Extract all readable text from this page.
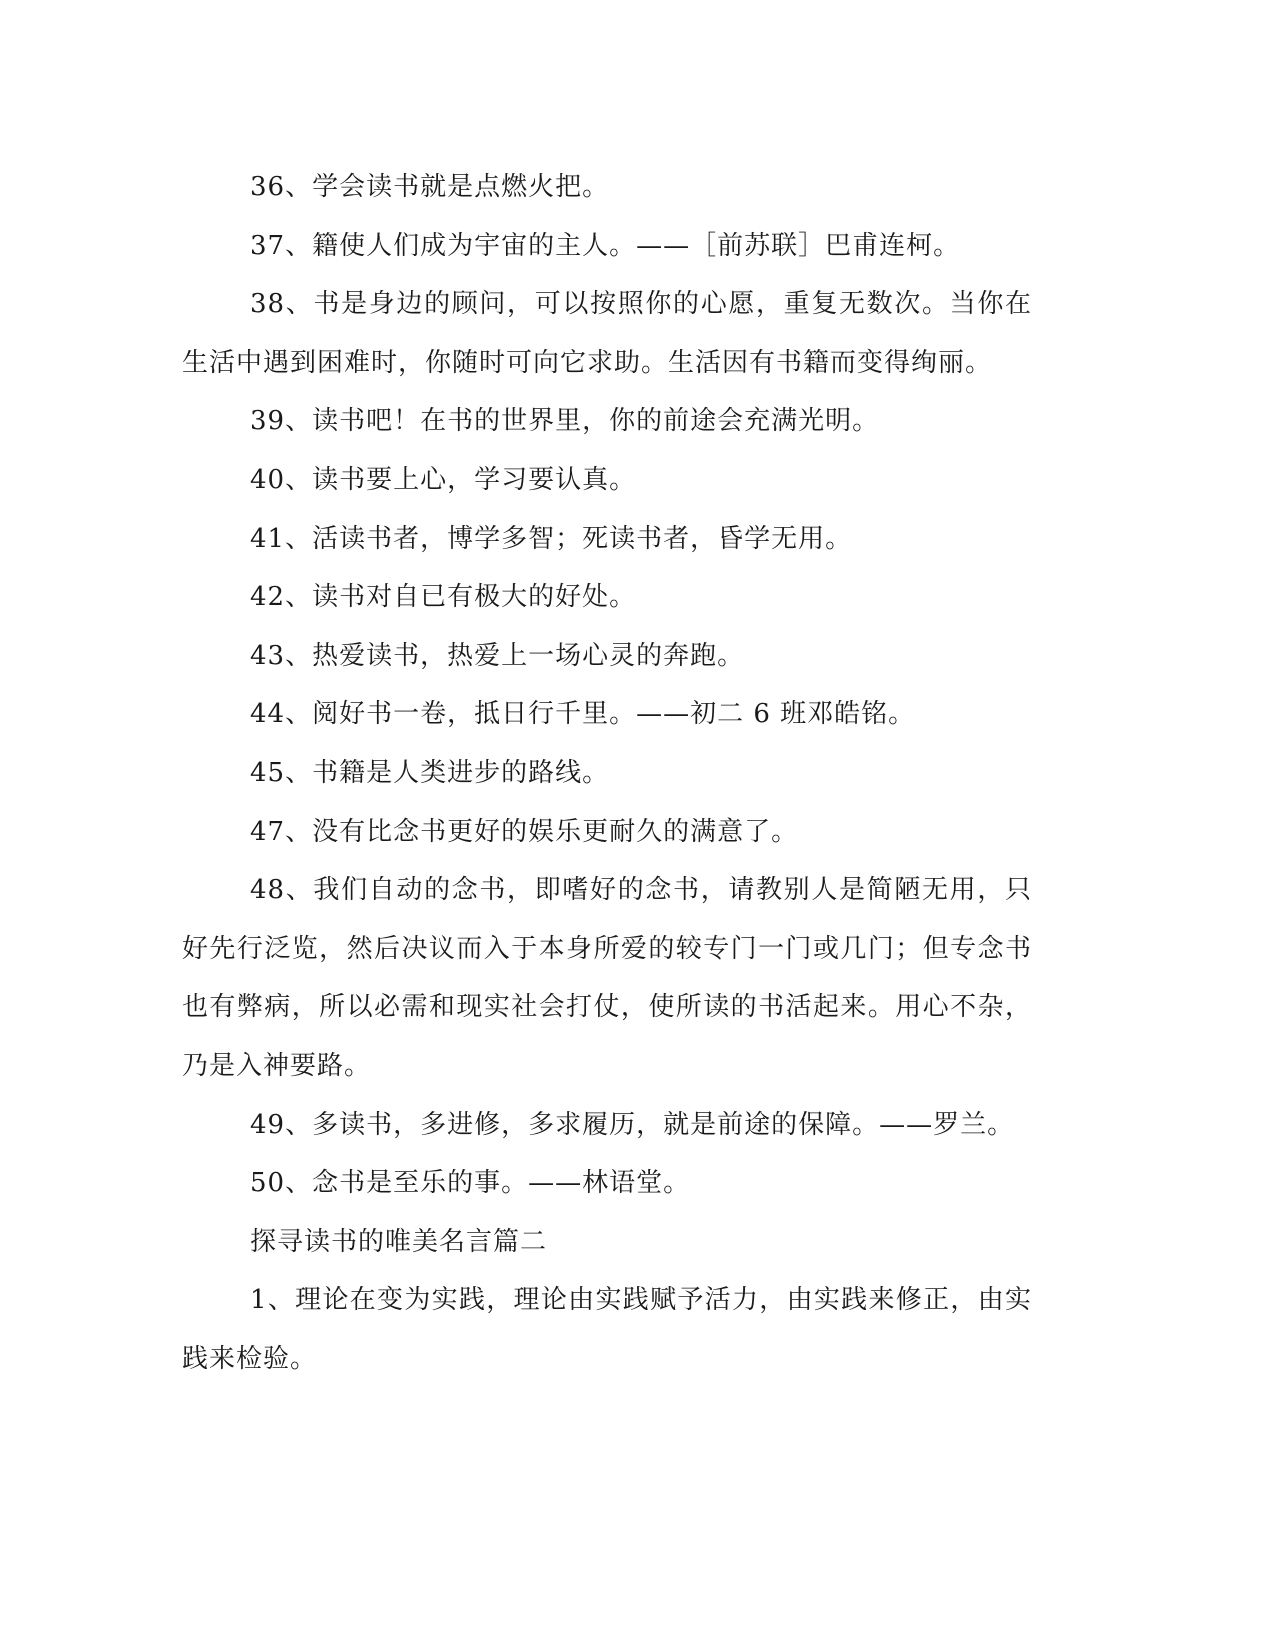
36、学会读书就是点燃火把。

37、籍使人们成为宇宙的主人。——［前苏联］巴甫连柯。

38、书是身边的顾问，可以按照你的心愿，重复无数次。当你在生活中遇到困难时，你随时可向它求助。生活因有书籍而变得绚丽。

39、读书吧！在书的世界里，你的前途会充满光明。

40、读书要上心，学习要认真。

41、活读书者，博学多智；死读书者，昏学无用。

42、读书对自已有极大的好处。

43、热爱读书，热爱上一场心灵的奔跑。

44、阅好书一卷，抵日行千里。——初二 6 班邓皓铭。

45、书籍是人类进步的路线。

47、没有比念书更好的娱乐更耐久的满意了。

48、我们自动的念书，即嗜好的念书，请教别人是简陋无用，只好先行泛览，然后决议而入于本身所爱的较专门一门或几门；但专念书也有弊病，所以必需和现实社会打仗，使所读的书活起来。用心不杂，乃是入神要路。

49、多读书，多进修，多求履历，就是前途的保障。——罗兰。

50、念书是至乐的事。——林语堂。

探寻读书的唯美名言篇二

1、理论在变为实践，理论由实践赋予活力，由实践来修正，由实践来检验。
